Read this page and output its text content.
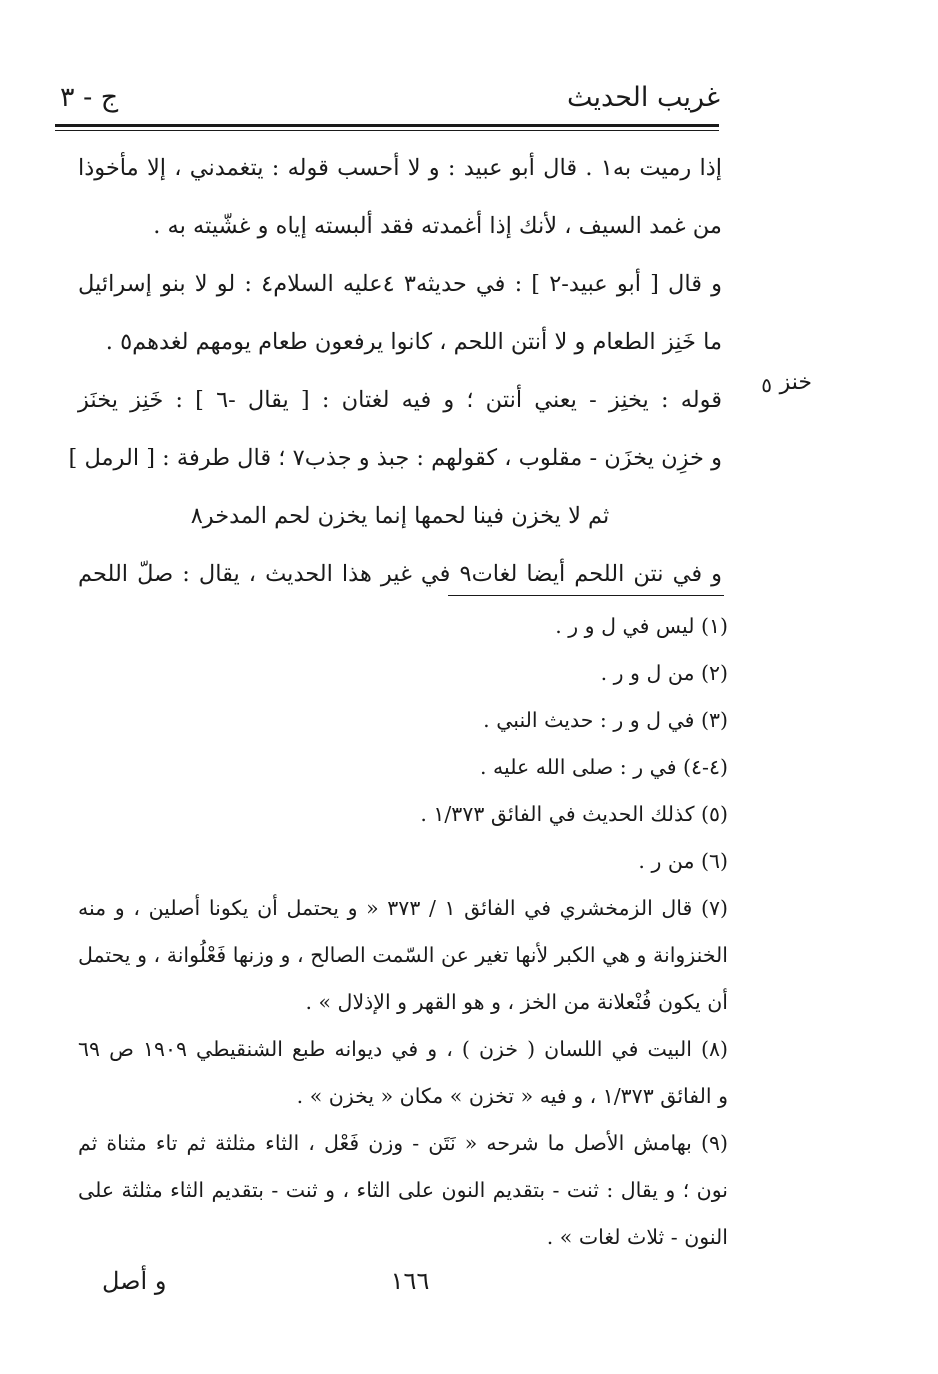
غريب الحديث
ج - ٣
خنز
٥
إذا رميت به١ . قال أبو عبيد : و لا أحسب قوله : يتغمدني ، إلا مأخوذا
من غمد السيف ، لأنك إذا أغمدته فقد ألبسته إياه و غشّيته به .
و قال [ أبو عبيد-٢ ] : في حديثه٣ ٤عليه السلام٤ : لو لا بنو إسرائيل
ما خَنِز الطعام و لا أنتن اللحم ، كانوا يرفعون طعام يومهم لغدهم٥ .
قوله : يخنِز - يعني أنتن ؛ و فيه لغتان : [ يقال -٦ ] : خَنِز يخنَز
و خزِن يخزَن - مقلوب ، كقولهم : جبذ و جذب٧ ؛ قال طرفة : [ الرمل ]
ثم لا يخزن فينا لحمها إنما يخزن لحم المدخر٨
و في نتن اللحم أيضا لغات٩ في غير هذا الحديث ، يقال : صلّ اللحم
(١) ليس في ل و ر .
(٢) من ل و ر .
(٣) في ل و ر : حديث النبي .
(٤-٤) في ر : صلى الله عليه .
(٥) كذلك الحديث في الفائق ١/٣٧٣ .
(٦) من ر .
(٧) قال الزمخشري في الفائق ١ / ٣٧٣ « و يحتمل أن يكونا أصلين ، و منه
الخنزوانة و هي الكبر لأنها تغير عن السّمت الصالح ، و وزنها فَعْلُوانة ، و يحتمل
أن يكون فُنْعلانة من الخز ، و هو القهر و الإذلال » .
(٨) البيت في اللسان ( خزن ) ، و في ديوانه طبع الشنقيطي ١٩٠٩ ص ٦٩
و الفائق ١/٣٧٣ ، و فيه « تخزن » مكان « يخزن » .
(٩) بهامش الأصل ما شرحه « نَتَن - وزن فَعْل ، الثاء مثلثة ثم تاء مثناة ثم
نون ؛ و يقال : ثنت - بتقديم النون على الثاء ، و ثنت - بتقديم الثاء مثلثة على
النون - ثلاث لغات » .
١٦٦
و أصل
